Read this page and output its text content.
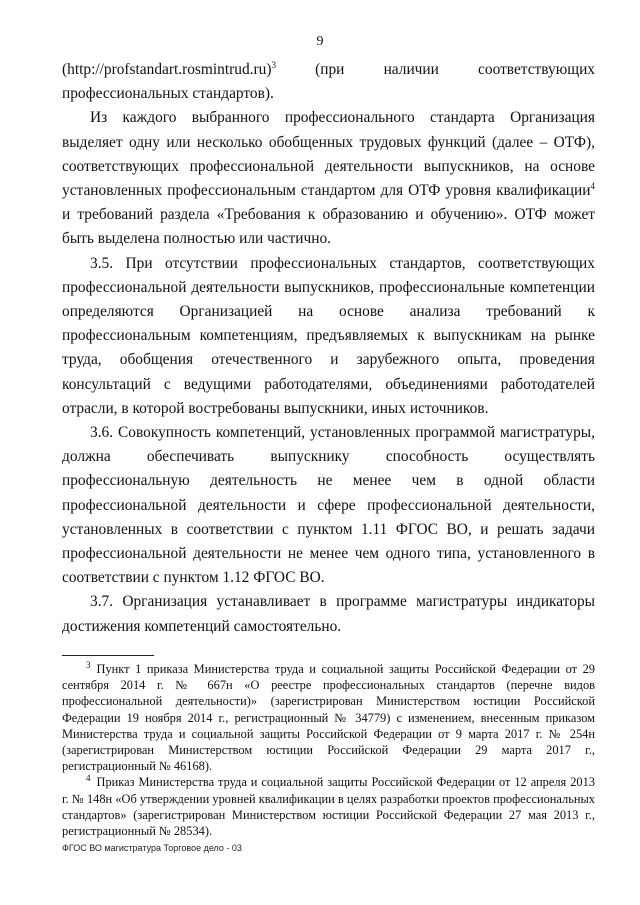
9

(http://profstandart.rosmintrud.ru)$^3$ (при наличии соответствующих профессиональных стандартов).

Из каждого выбранного профессионального стандарта Организация выделяет одну или несколько обобщенных трудовых функций (далее – ОТФ), соответствующих профессиональной деятельности выпускников, на основе установленных профессиональным стандартом для ОТФ уровня квалификации$^4$ и требований раздела «Требования к образованию и обучению». ОТФ может быть выделена полностью или частично.

3.5. При отсутствии профессиональных стандартов, соответствующих профессиональной деятельности выпускников, профессиональные компетенции определяются Организацией на основе анализа требований к профессиональным компетенциям, предъявляемых к выпускникам на рынке труда, обобщения отечественного и зарубежного опыта, проведения консультаций с ведущими работодателями, объединениями работодателей отрасли, в которой востребованы выпускники, иных источников.

3.6. Совокупность компетенций, установленных программой магистратуры, должна обеспечивать выпускнику способность осуществлять профессиональную деятельность не менее чем в одной области профессиональной деятельности и сфере профессиональной деятельности, установленных в соответствии с пунктом 1.11 ФГОС ВО, и решать задачи профессиональной деятельности не менее чем одного типа, установленного в соответствии с пунктом 1.12 ФГОС ВО.

3.7. Организация устанавливает в программе магистратуры индикаторы достижения компетенций самостоятельно.

$^3$ Пункт 1 приказа Министерства труда и социальной защиты Российской Федерации от 29 сентября 2014 г. № 667н «О реестре профессиональных стандартов (перечне видов профессиональной деятельности)» (зарегистрирован Министерством юстиции Российской Федерации 19 ноября 2014 г., регистрационный № 34779) с изменением, внесенным приказом Министерства труда и социальной защиты Российской Федерации от 9 марта 2017 г. № 254н (зарегистрирован Министерством юстиции Российской Федерации 29 марта 2017 г., регистрационный № 46168).

$^4$ Приказ Министерства труда и социальной защиты Российской Федерации от 12 апреля 2013 г. № 148н «Об утверждении уровней квалификации в целях разработки проектов профессиональных стандартов» (зарегистрирован Министерством юстиции Российской Федерации 27 мая 2013 г., регистрационный № 28534).

ФГОС ВО магистратура Торговое дело - 03
